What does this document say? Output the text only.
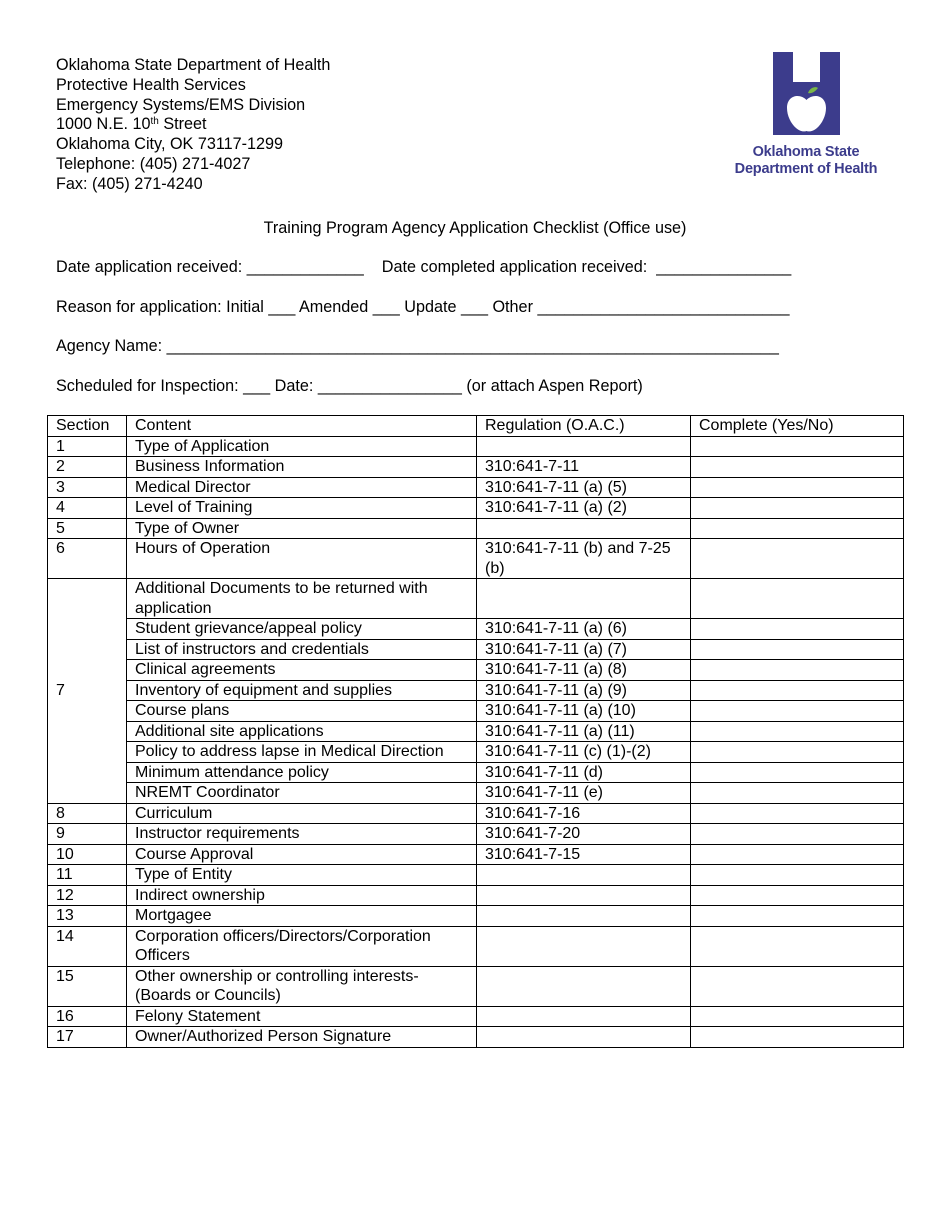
Oklahoma State Department of Health
Protective Health Services
Emergency Systems/EMS Division
1000 N.E. 10th Street
Oklahoma City, OK 73117-1299
Telephone: (405) 271-4027
Fax: (405) 271-4240
Oklahoma State
Department of Health
Training Program Agency Application Checklist (Office use)
Date application received: _____________    Date completed application received:  _______________
Reason for application: Initial ___ Amended ___ Update ___ Other ____________________________
Agency Name: ____________________________________________________________________
Scheduled for Inspection: ___ Date: ________________ (or attach Aspen Report)
Section	Content	Regulation (O.A.C.)	Complete (Yes/No)
1	Type of Application		
2	Business Information	310:641-7-11	
3	Medical Director	310:641-7-11 (a) (5)	
4	Level of Training	310:641-7-11 (a) (2)	
5	Type of Owner		
6	Hours of Operation	310:641-7-11 (b) and 7-25 (b)	
7	Additional Documents to be returned with application		
	Student grievance/appeal policy	310:641-7-11 (a) (6)	
	List of instructors and credentials	310:641-7-11 (a) (7)	
	Clinical agreements	310:641-7-11 (a) (8)	
	Inventory of equipment and supplies	310:641-7-11 (a) (9)	
	Course plans	310:641-7-11 (a) (10)	
	Additional site applications	310:641-7-11 (a) (11)	
	Policy to address lapse in Medical Direction	310:641-7-11 (c) (1)-(2)	
	Minimum attendance policy	310:641-7-11 (d)	
	NREMT Coordinator	310:641-7-11 (e)	
8	Curriculum	310:641-7-16	
9	Instructor requirements	310:641-7-20	
10	Course Approval	310:641-7-15	
11	Type of Entity		
12	Indirect ownership		
13	Mortgagee		
14	Corporation officers/Directors/Corporation Officers		
15	Other ownership or controlling interests-(Boards or Councils)		
16	Felony Statement		
17	Owner/Authorized Person Signature		
